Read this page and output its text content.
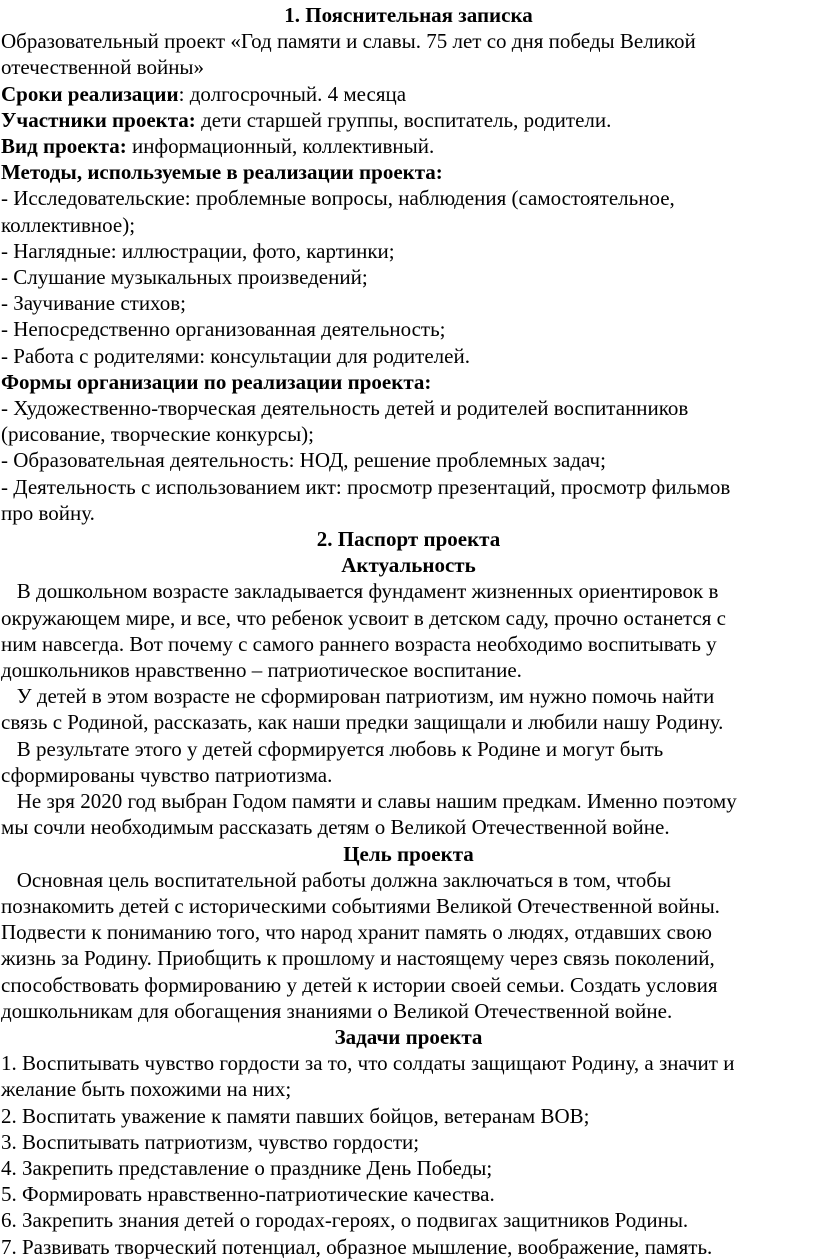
1. Пояснительная записка
Образовательный проект «Год памяти и славы. 75 лет со дня победы Великой
отечественной войны»
Сроки реализации: долгосрочный. 4 месяца
Участники проекта: дети старшей группы, воспитатель, родители.
Вид проекта: информационный, коллективный.
Методы, используемые в реализации проекта:
- Исследовательские: проблемные вопросы, наблюдения (самостоятельное,
коллективное);
- Наглядные: иллюстрации, фото, картинки;
- Слушание музыкальных произведений;
- Заучивание стихов;
- Непосредственно организованная деятельность;
- Работа с родителями: консультации для родителей.
Формы организации по реализации проекта:
- Художественно-творческая деятельность детей и родителей воспитанников
(рисование, творческие конкурсы);
- Образовательная деятельность: НОД, решение проблемных задач;
- Деятельность с использованием икт: просмотр презентаций, просмотр фильмов
про войну.
2. Паспорт проекта
Актуальность
В дошкольном возрасте закладывается фундамент жизненных ориентировок в
окружающем мире, и все, что ребенок усвоит в детском саду, прочно останется с
ним навсегда. Вот почему с самого раннего возраста необходимо воспитывать у
дошкольников нравственно – патриотическое воспитание.
У детей в этом возрасте не сформирован патриотизм, им нужно помочь найти
связь с Родиной, рассказать, как наши предки защищали и любили нашу Родину.
В результате этого у детей сформируется любовь к Родине и могут быть
сформированы чувство патриотизма.
Не зря 2020 год выбран Годом памяти и славы нашим предкам. Именно поэтому
мы сочли необходимым рассказать детям о Великой Отечественной войне.
Цель проекта
Основная цель воспитательной работы должна заключаться в том, чтобы
познакомить детей с историческими событиями Великой Отечественной войны.
Подвести к пониманию того, что народ хранит память о людях, отдавших свою
жизнь за Родину. Приобщить к прошлому и настоящему через связь поколений,
способствовать формированию у детей к истории своей семьи. Создать условия
дошкольникам для обогащения знаниями о Великой Отечественной войне.
Задачи проекта
1. Воспитывать чувство гордости за то, что солдаты защищают Родину, а значит и
желание быть похожими на них;
2. Воспитать уважение к памяти павших бойцов, ветеранам ВОВ;
3. Воспитывать патриотизм, чувство гордости;
4. Закрепить представление о празднике День Победы;
5. Формировать нравственно-патриотические качества.
6. Закрепить знания детей о городах-героях, о подвигах защитников Родины.
7. Развивать творческий потенциал, образное мышление, воображение, память.
